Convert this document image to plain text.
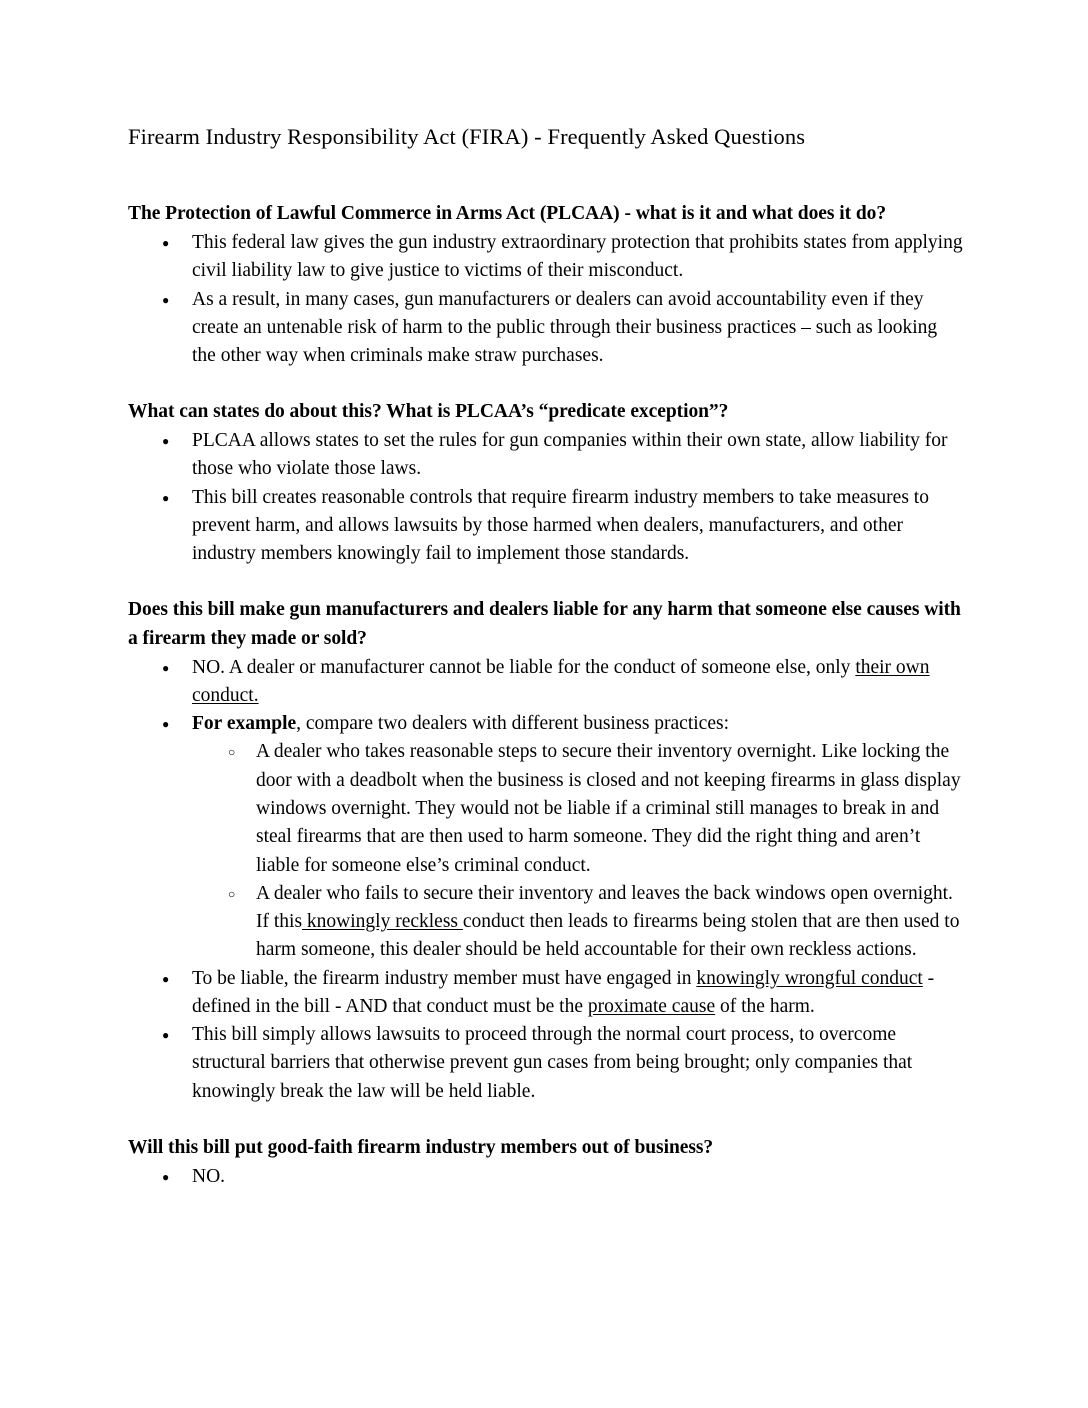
Firearm Industry Responsibility Act (FIRA) - Frequently Asked Questions

The Protection of Lawful Commerce in Arms Act (PLCAA) - what is it and what does it do?

● This federal law gives the gun industry extraordinary protection that prohibits states from applying civil liability law to give justice to victims of their misconduct.
● As a result, in many cases, gun manufacturers or dealers can avoid accountability even if they create an untenable risk of harm to the public through their business practices – such as looking the other way when criminals make straw purchases.

What can states do about this? What is PLCAA’s “predicate exception”?

● PLCAA allows states to set the rules for gun companies within their own state, allow liability for those who violate those laws.
● This bill creates reasonable controls that require firearm industry members to take measures to prevent harm, and allows lawsuits by those harmed when dealers, manufacturers, and other industry members knowingly fail to implement those standards.

Does this bill make gun manufacturers and dealers liable for any harm that someone else causes with a firearm they made or sold?

● NO. A dealer or manufacturer cannot be liable for the conduct of someone else, only their own conduct.
● For example, compare two dealers with different business practices:
○ A dealer who takes reasonable steps to secure their inventory overnight. Like locking the door with a deadbolt when the business is closed and not keeping firearms in glass display windows overnight. They would not be liable if a criminal still manages to break in and steal firearms that are then used to harm someone. They did the right thing and aren’t liable for someone else’s criminal conduct.
○ A dealer who fails to secure their inventory and leaves the back windows open overnight. If this knowingly reckless conduct then leads to firearms being stolen that are then used to harm someone, this dealer should be held accountable for their own reckless actions.
● To be liable, the firearm industry member must have engaged in knowingly wrongful conduct - defined in the bill - AND that conduct must be the proximate cause of the harm.
● This bill simply allows lawsuits to proceed through the normal court process, to overcome structural barriers that otherwise prevent gun cases from being brought; only companies that knowingly break the law will be held liable.

Will this bill put good-faith firearm industry members out of business?

● NO.
